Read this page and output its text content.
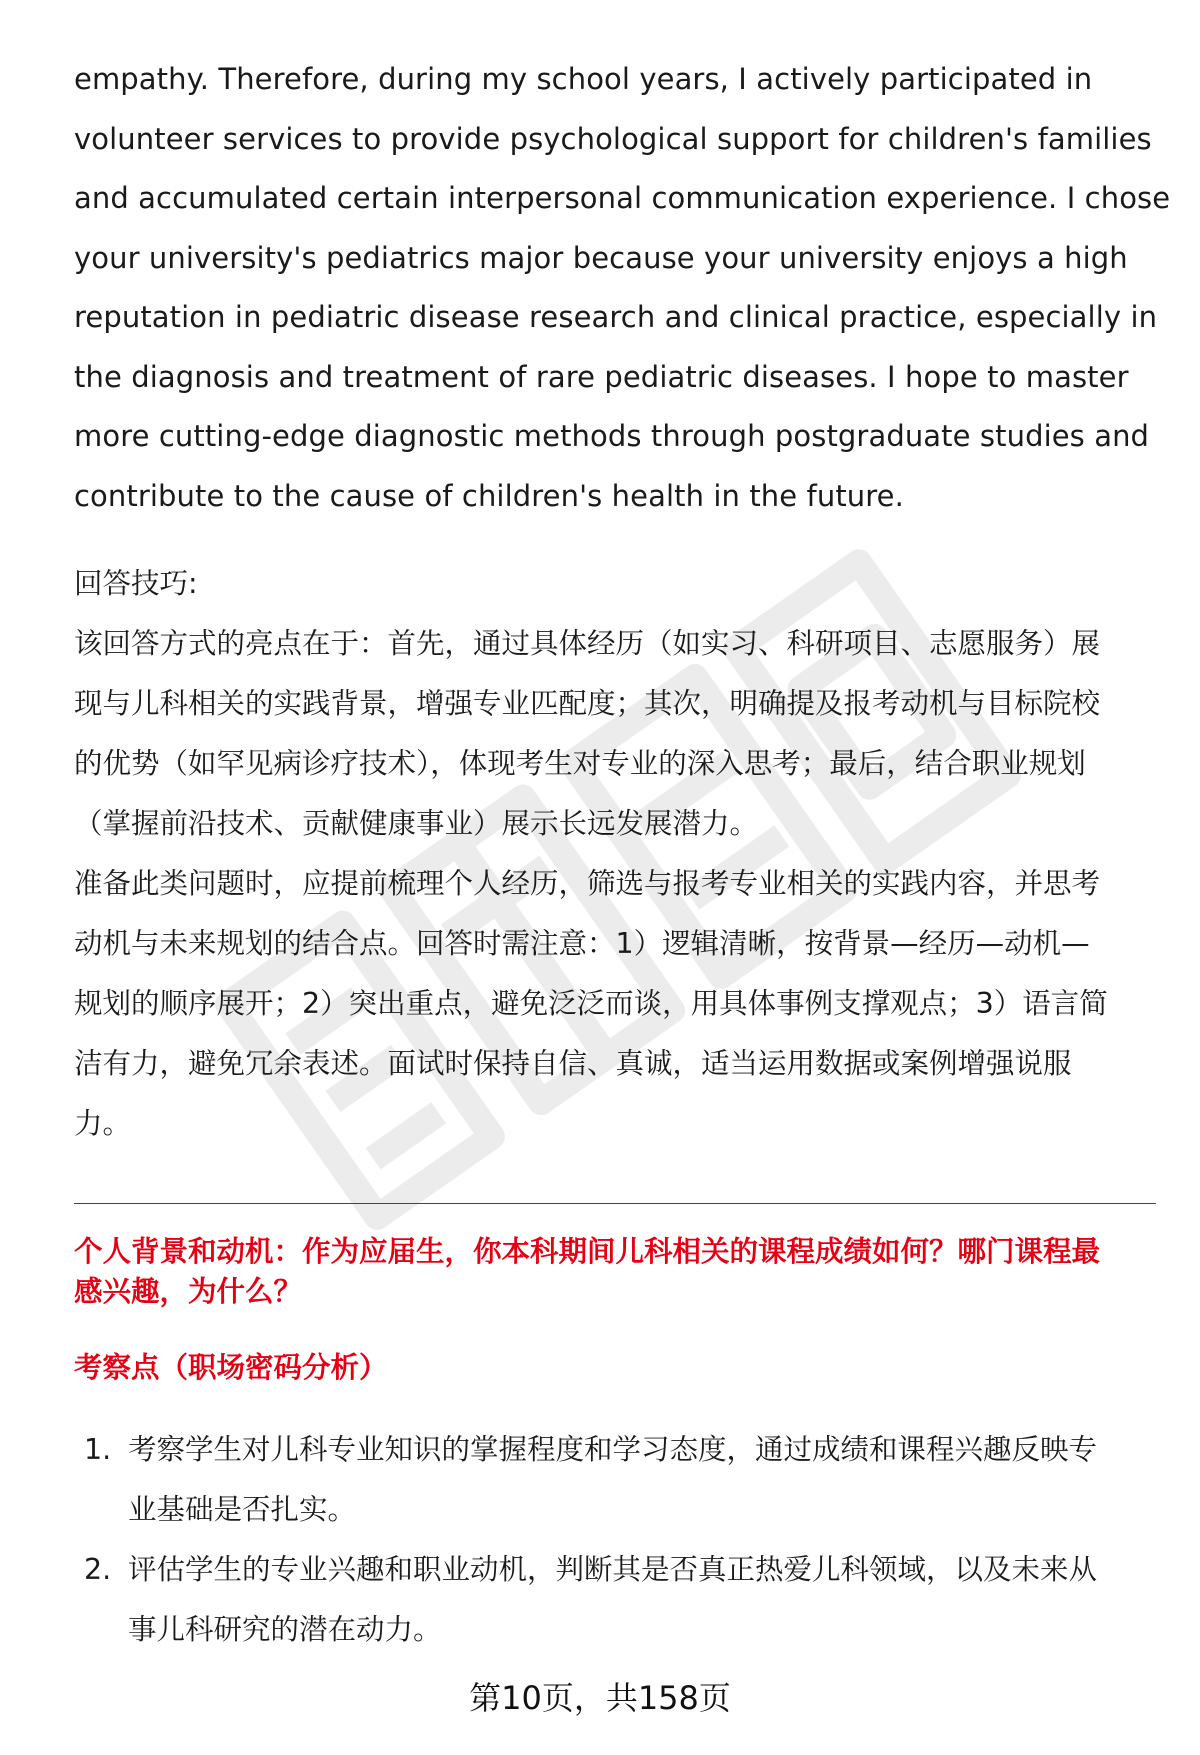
empathy. Therefore, during my school years, I actively participated in
volunteer services to provide psychological support for children's families
and accumulated certain interpersonal communication experience. I chose
your university's pediatrics major because your university enjoys a high
reputation in pediatric disease research and clinical practice, especially in
the diagnosis and treatment of rare pediatric diseases. I hope to master
more cutting-edge diagnostic methods through postgraduate studies and
contribute to the cause of children's health in the future.

回答技巧:

该回答方式的亮点在于：首先，通过具体经历（如实习、科研项目、志愿服务）展
现与儿科相关的实践背景，增强专业匹配度；其次，明确提及报考动机与目标院校
的优势（如罕见病诊疗技术），体现考生对专业的深入思考；最后，结合职业规划
（掌握前沿技术、贡献健康事业）展示长远发展潜力。

准备此类问题时，应提前梳理个人经历，筛选与报考专业相关的实践内容，并思考
动机与未来规划的结合点。回答时需注意：1）逻辑清晰，按背景—经历—动机—
规划的顺序展开；2）突出重点，避免泛泛而谈，用具体事例支撑观点；3）语言简
洁有力，避免冗余表述。面试时保持自信、真诚，适当运用数据或案例增强说服
力。

个人背景和动机：作为应届生，你本科期间儿科相关的课程成绩如何？哪门课程最
感兴趣，为什么？
考察点（职场密码分析）
1. 考察学生对儿科专业知识的掌握程度和学习态度，通过成绩和课程兴趣反映专
业基础是否扎实。
2. 评估学生的专业兴趣和职业动机，判断其是否真正热爱儿科领域，以及未来从
事儿科研究的潜在动力。
第10页，共158页
